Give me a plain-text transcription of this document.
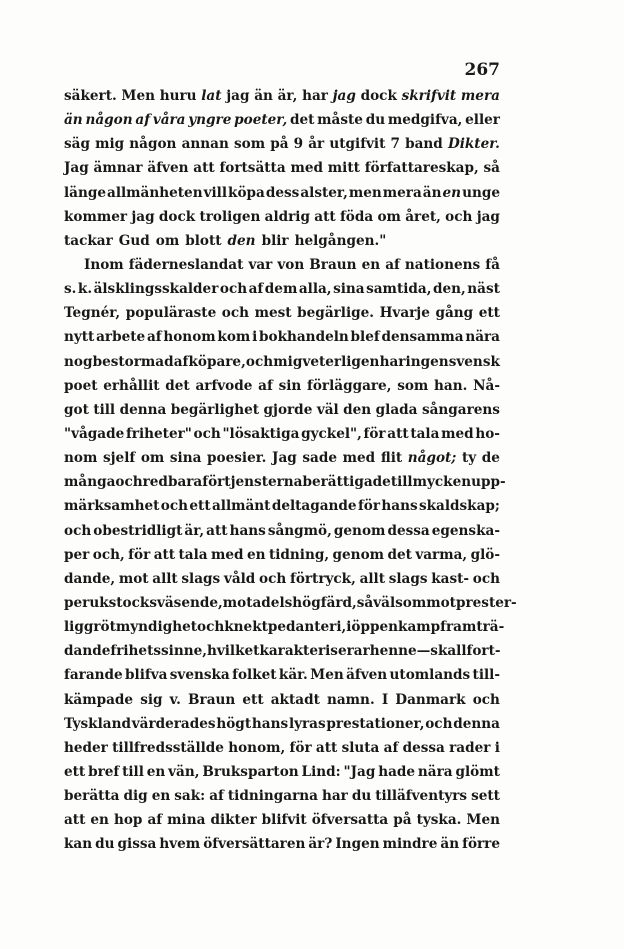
267

säkert. Men huru lat jag än är, har jag dock skrifvit mera
än någon af våra yngre poeter, det måste du medgifva, eller
säg mig någon annan som på 9 år utgifvit 7 band Dikter.
Jag ämnar äfven att fortsätta med mitt författareskap, så
länge allmänheten vill köpa dess alster, men mera än en unge
kommer jag dock troligen aldrig att föda om året, och jag
tackar Gud om blott den blir helgången."
Inom fäderneslandat var von Braun en af nationens få
s. k. älsklingsskalder och af dem alla, sina samtida, den, näst
Tegnér, populäraste och mest begärlige. Hvarje gång ett
nytt arbete af honom kom i bokhandeln blef densamma nära
nog bestormad af köpare, och mig veterligen har ingen svensk
poet erhållit det arfvode af sin förläggare, som han. Nå-
got till denna begärlighet gjorde väl den glada sångarens
"vågade friheter" och "lösaktiga gyckel", för att tala med ho-
nom sjelf om sina poesier. Jag sade med flit något; ty de
många och redbara förtjensterna berättigade till mycken upp-
märksamhet och ett allmänt deltagande för hans skaldskap;
och obestridligt är, att hans sångmö, genom dessa egenska-
per och, för att tala med en tidning, genom det varma, glö-
dande, mot allt slags våld och förtryck, allt slags kast- och
perukstocksväsende, mot adelshögfärd, såväl som mot prester-
lig grötmyndighet och knektpedanteri, i öppen kamp framträ-
dande frihetssinne, hvilket karakteriserar henne — skall fort-
farande blifva svenska folket kär. Men äfven utomlands till-
kämpade sig v. Braun ett aktadt namn. I Danmark och
Tyskland värderades högt hans lyras prestationer, och denna
heder tillfredsställde honom, för att sluta af dessa rader i
ett bref till en vän, Bruksparton Lind: "Jag hade nära glömt
berätta dig en sak: af tidningarna har du tilläfventyrs sett
att en hop af mina dikter blifvit öfversatta på tyska. Men
kan du gissa hvem öfversättaren är? Ingen mindre än förre
